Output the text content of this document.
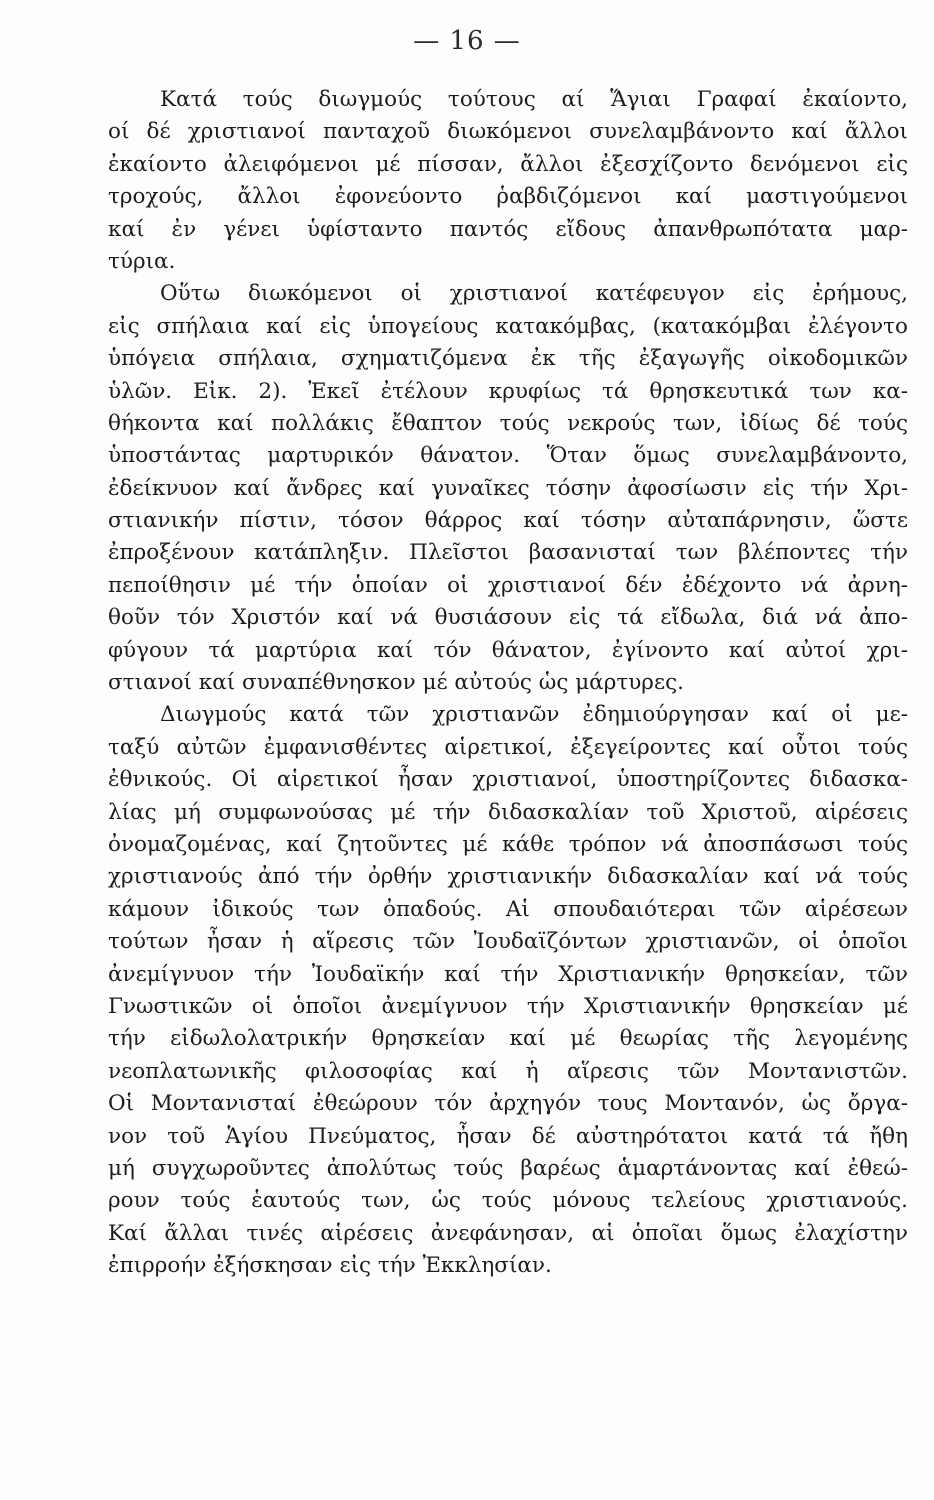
— 16 —
Κατά τούς διωγμούς τούτους αί Ἅγιαι Γραφαί ἐκαίοντο,
οί δέ χριστιανοί πανταχοῦ διωκόμενοι συνελαμβάνοντο καί ἄλλοι
ἐκαίοντο ἀλειφόμενοι μέ πίσσαν, ἄλλοι ἐξεσχίζοντο δενόμενοι εἰς
τροχούς, ἄλλοι ἐφονεύοντο ῥαβδιζόμενοι καί μαστιγούμενοι
καί ἐν γένει ὑφίσταντο παντός εἴδους ἀπανθρωπότατα μαρ-
τύρια.
Οὕτω διωκόμενοι οἱ χριστιανοί κατέφευγον εἰς ἐρήμους,
εἰς σπήλαια καί εἰς ὑπογείους κατακόμβας, (κατακόμβαι ἐλέγοντο
ὑπόγεια σπήλαια, σχηματιζόμενα ἐκ τῆς ἐξαγωγῆς οἰκοδομικῶν
ὑλῶν. Εἰκ. 2). Ἐκεῖ ἐτέλουν κρυφίως τά θρησκευτικά των κα-
θήκοντα καί πολλάκις ἔθαπτον τούς νεκρούς των, ἰδίως δέ τούς
ὑποστάντας μαρτυρικόν θάνατον. Ὅταν ὅμως συνελαμβάνοντο,
ἐδείκνυον καί ἄνδρες καί γυναῖκες τόσην ἀφοσίωσιν εἰς τήν Χρι-
στιανικήν πίστιν, τόσον θάρρος καί τόσην αὐταπάρνησιν, ὥστε
ἐπροξένουν κατάπληξιν. Πλεῖστοι βασανισταί των βλέποντες τήν
πεποίθησιν μέ τήν ὁποίαν οἱ χριστιανοί δέν ἐδέχοντο νά ἀρνη-
θοῦν τόν Χριστόν καί νά θυσιάσουν εἰς τά εἴδωλα, διά νά ἀπο-
φύγουν τά μαρτύρια καί τόν θάνατον, ἐγίνοντο καί αὐτοί χρι-
στιανοί καί συναπέθνησκον μέ αὐτούς ὡς μάρτυρες.
Διωγμούς κατά τῶν χριστιανῶν ἐδημιούργησαν καί οἱ με-
ταξύ αὐτῶν ἐμφανισθέντες αἱρετικοί, ἐξεγείροντες καί οὗτοι τούς
ἐθνικούς. Οἱ αἱρετικοί ἦσαν χριστιανοί, ὑποστηρίζοντες διδασκα-
λίας μή συμφωνούσας μέ τήν διδασκαλίαν τοῦ Χριστοῦ, αἱρέσεις
ὀνομαζομένας, καί ζητοῦντες μέ κάθε τρόπον νά ἀποσπάσωσι τούς
χριστιανούς ἀπό τήν ὀρθήν χριστιανικήν διδασκαλίαν καί νά τούς
κάμουν ἰδικούς των ὀπαδούς. Αἱ σπουδαιότεραι τῶν αἱρέσεων
τούτων ἦσαν ἡ αἵρεσις τῶν Ἰουδαϊζόντων χριστιανῶν, οἱ ὁποῖοι
ἀνεμίγνυον τήν Ἰουδαϊκήν καί τήν Χριστιανικήν θρησκείαν, τῶν
Γνωστικῶν οἱ ὁποῖοι ἀνεμίγνυον τήν Χριστιανικήν θρησκείαν μέ
τήν εἰδωλολατρικήν θρησκείαν καί μέ θεωρίας τῆς λεγομένης
νεοπλατωνικῆς φιλοσοφίας καί ἡ αἵρεσις τῶν Μοντανιστῶν.
Οἱ Μοντανισταί ἐθεώρουν τόν ἀρχηγόν τους Μοντανόν, ὡς ὄργα-
νον τοῦ Ἁγίου Πνεύματος, ἦσαν δέ αὐστηρότατοι κατά τά ἤθη
μή συγχωροῦντες ἀπολύτως τούς βαρέως ἁμαρτάνοντας καί ἐθεώ-
ρουν τούς ἑαυτούς των, ὡς τούς μόνους τελείους χριστιανούς.
Καί ἄλλαι τινές αἱρέσεις ἀνεφάνησαν, αἱ ὁποῖαι ὅμως ἐλαχίστην
ἐπιρροήν ἐξήσκησαν εἰς τήν Ἐκκλησίαν.
